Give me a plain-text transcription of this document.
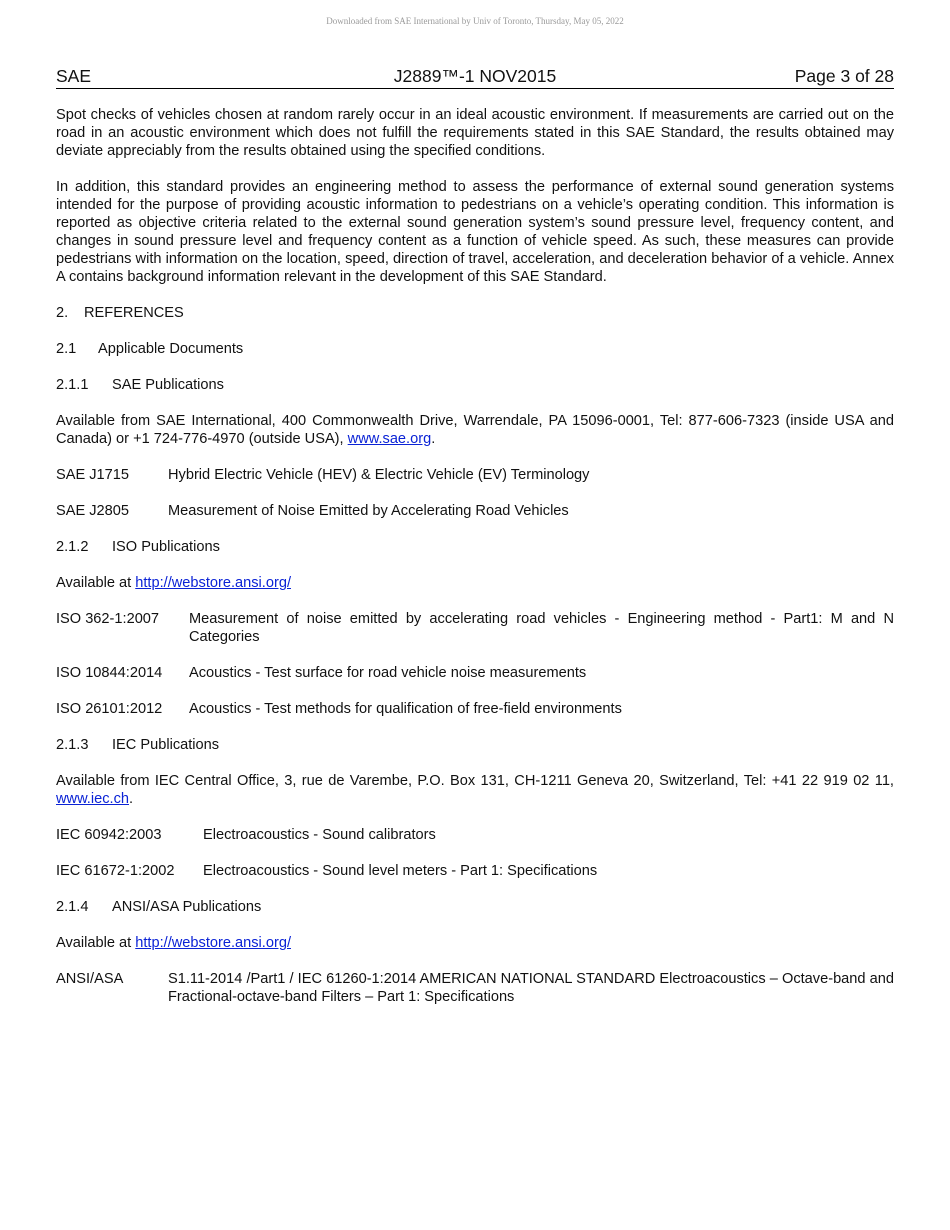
Downloaded from SAE International by Univ of Toronto, Thursday, May 05, 2022
SAE	J2889™-1 NOV2015	Page 3 of 28

Spot checks of vehicles chosen at random rarely occur in an ideal acoustic environment. If measurements are carried out on the road in an acoustic environment which does not fulfill the requirements stated in this SAE Standard, the results obtained may deviate appreciably from the results obtained using the specified conditions.

In addition, this standard provides an engineering method to assess the performance of external sound generation systems intended for the purpose of providing acoustic information to pedestrians on a vehicle’s operating condition. This information is reported as objective criteria related to the external sound generation system’s sound pressure level, frequency content, and changes in sound pressure level and frequency content as a function of vehicle speed. As such, these measures can provide pedestrians with information on the location, speed, direction of travel, acceleration, and deceleration behavior of a vehicle. Annex A contains background information relevant in the development of this SAE Standard.

2. REFERENCES

2.1 Applicable Documents

2.1.1 SAE Publications

Available from SAE International, 400 Commonwealth Drive, Warrendale, PA 15096-0001, Tel: 877-606-7323 (inside USA and Canada) or +1 724-776-4970 (outside USA), www.sae.org.

SAE J1715	Hybrid Electric Vehicle (HEV) & Electric Vehicle (EV) Terminology
SAE J2805	Measurement of Noise Emitted by Accelerating Road Vehicles

2.1.2 ISO Publications

Available at http://webstore.ansi.org/

ISO 362-1:2007	Measurement of noise emitted by accelerating road vehicles - Engineering method - Part1: M and N Categories
ISO 10844:2014	Acoustics - Test surface for road vehicle noise measurements
ISO 26101:2012	Acoustics - Test methods for qualification of free-field environments

2.1.3 IEC Publications

Available from IEC Central Office, 3, rue de Varembe, P.O. Box 131, CH-1211 Geneva 20, Switzerland, Tel: +41 22 919 02 11, www.iec.ch.

IEC 60942:2003	Electroacoustics - Sound calibrators
IEC 61672-1:2002	Electroacoustics - Sound level meters - Part 1: Specifications

2.1.4 ANSI/ASA Publications

Available at http://webstore.ansi.org/

ANSI/ASA	S1.11-2014 /Part1 / IEC 61260-1:2014 AMERICAN NATIONAL STANDARD Electroacoustics – Octave-band and Fractional-octave-band Filters – Part 1: Specifications
